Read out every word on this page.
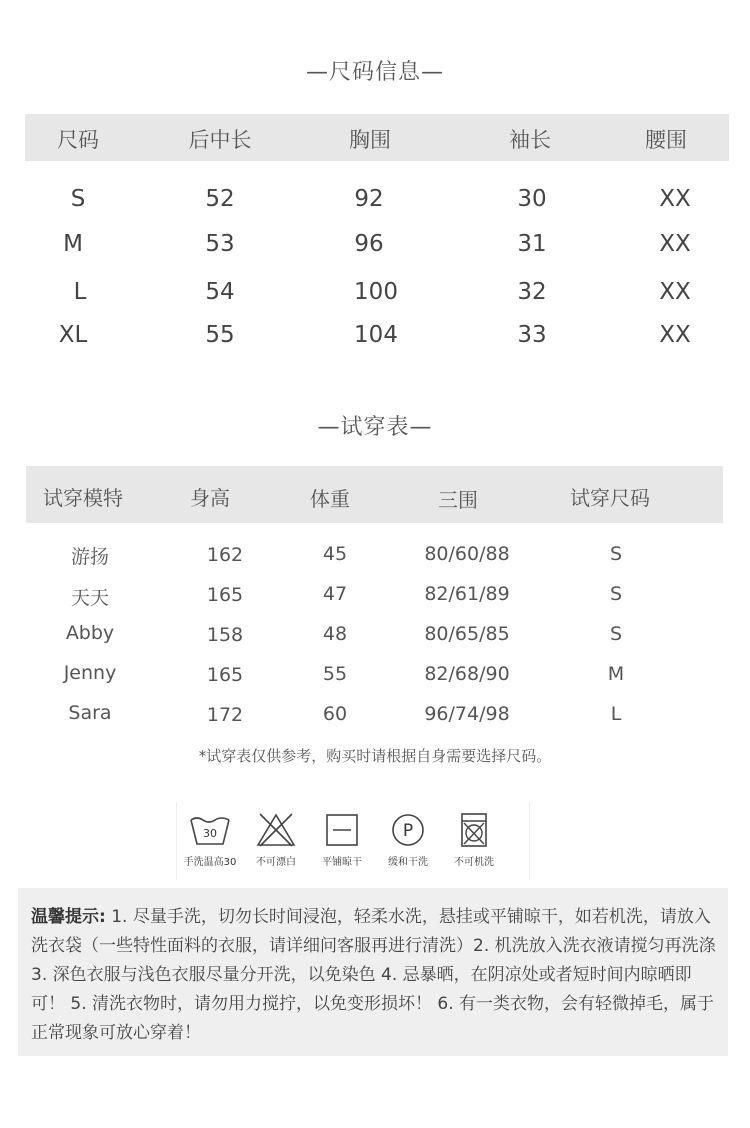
—尺码信息—
尺码	后中长	胸围	袖长	腰围
S	52	92	30	XX
M	53	96	31	XX
L	54	100	32	XX
XL	55	104	33	XX
—试穿表—
试穿模特	身高	体重	三围	试穿尺码
游扬	162	45	80/60/88	S
天天	165	47	82/61/89	S
Abby	158	48	80/65/85	S
Jenny	165	55	82/68/90	M
Sara	172	60	96/74/98	L
*试穿表仅供参考，购买时请根据自身需要选择尺码。
30
手洗温高30	不可漂白	平铺晾干
P
缓和干洗	不可机洗
温馨提示: 1. 尽量手洗，切勿长时间浸泡，轻柔水洗，悬挂或平铺晾干，如若机洗，请放入洗衣袋（一些特性面料的衣服，请详细问客服再进行清洗）2. 机洗放入洗衣液请搅匀再洗涤 3. 深色衣服与浅色衣服尽量分开洗，以免染色 4. 忌暴晒，在阴凉处或者短时间内晾晒即可！ 5. 清洗衣物时，请勿用力搅拧，以免变形损坏！ 6. 有一类衣物，会有轻微掉毛，属于正常现象可放心穿着！
